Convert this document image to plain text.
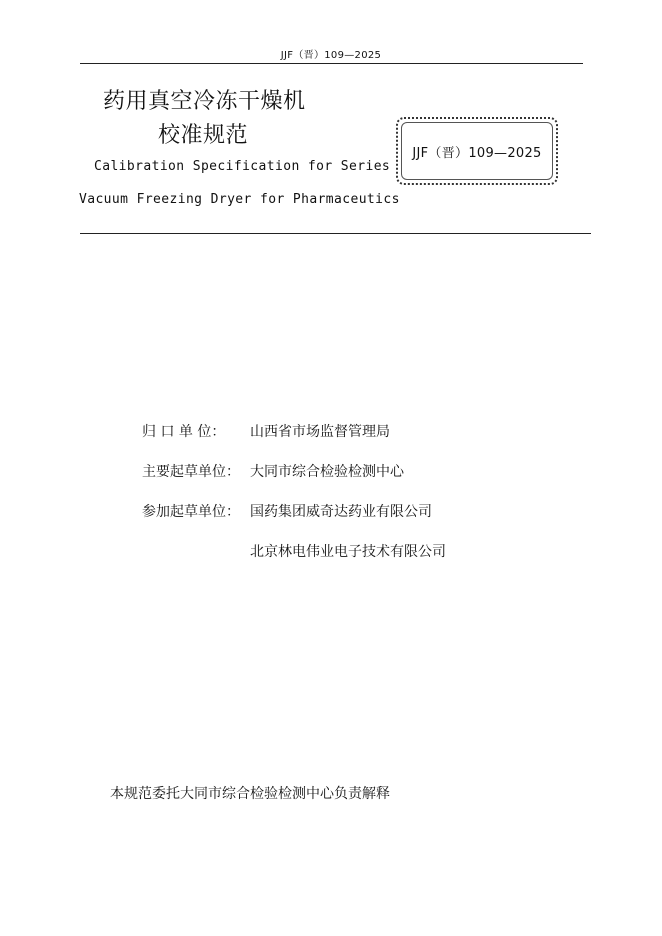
JJF（晋）109—2025
药用真空冷冻干燥机
校准规范
Calibration Specification for Series
Vacuum Freezing Dryer for Pharmaceutics
JJF（晋）109—2025
归 口 单 位： 山西省市场监督管理局
主要起草单位： 大同市综合检验检测中心
参加起草单位： 国药集团威奇达药业有限公司
北京林电伟业电子技术有限公司
本规范委托大同市综合检验检测中心负责解释
